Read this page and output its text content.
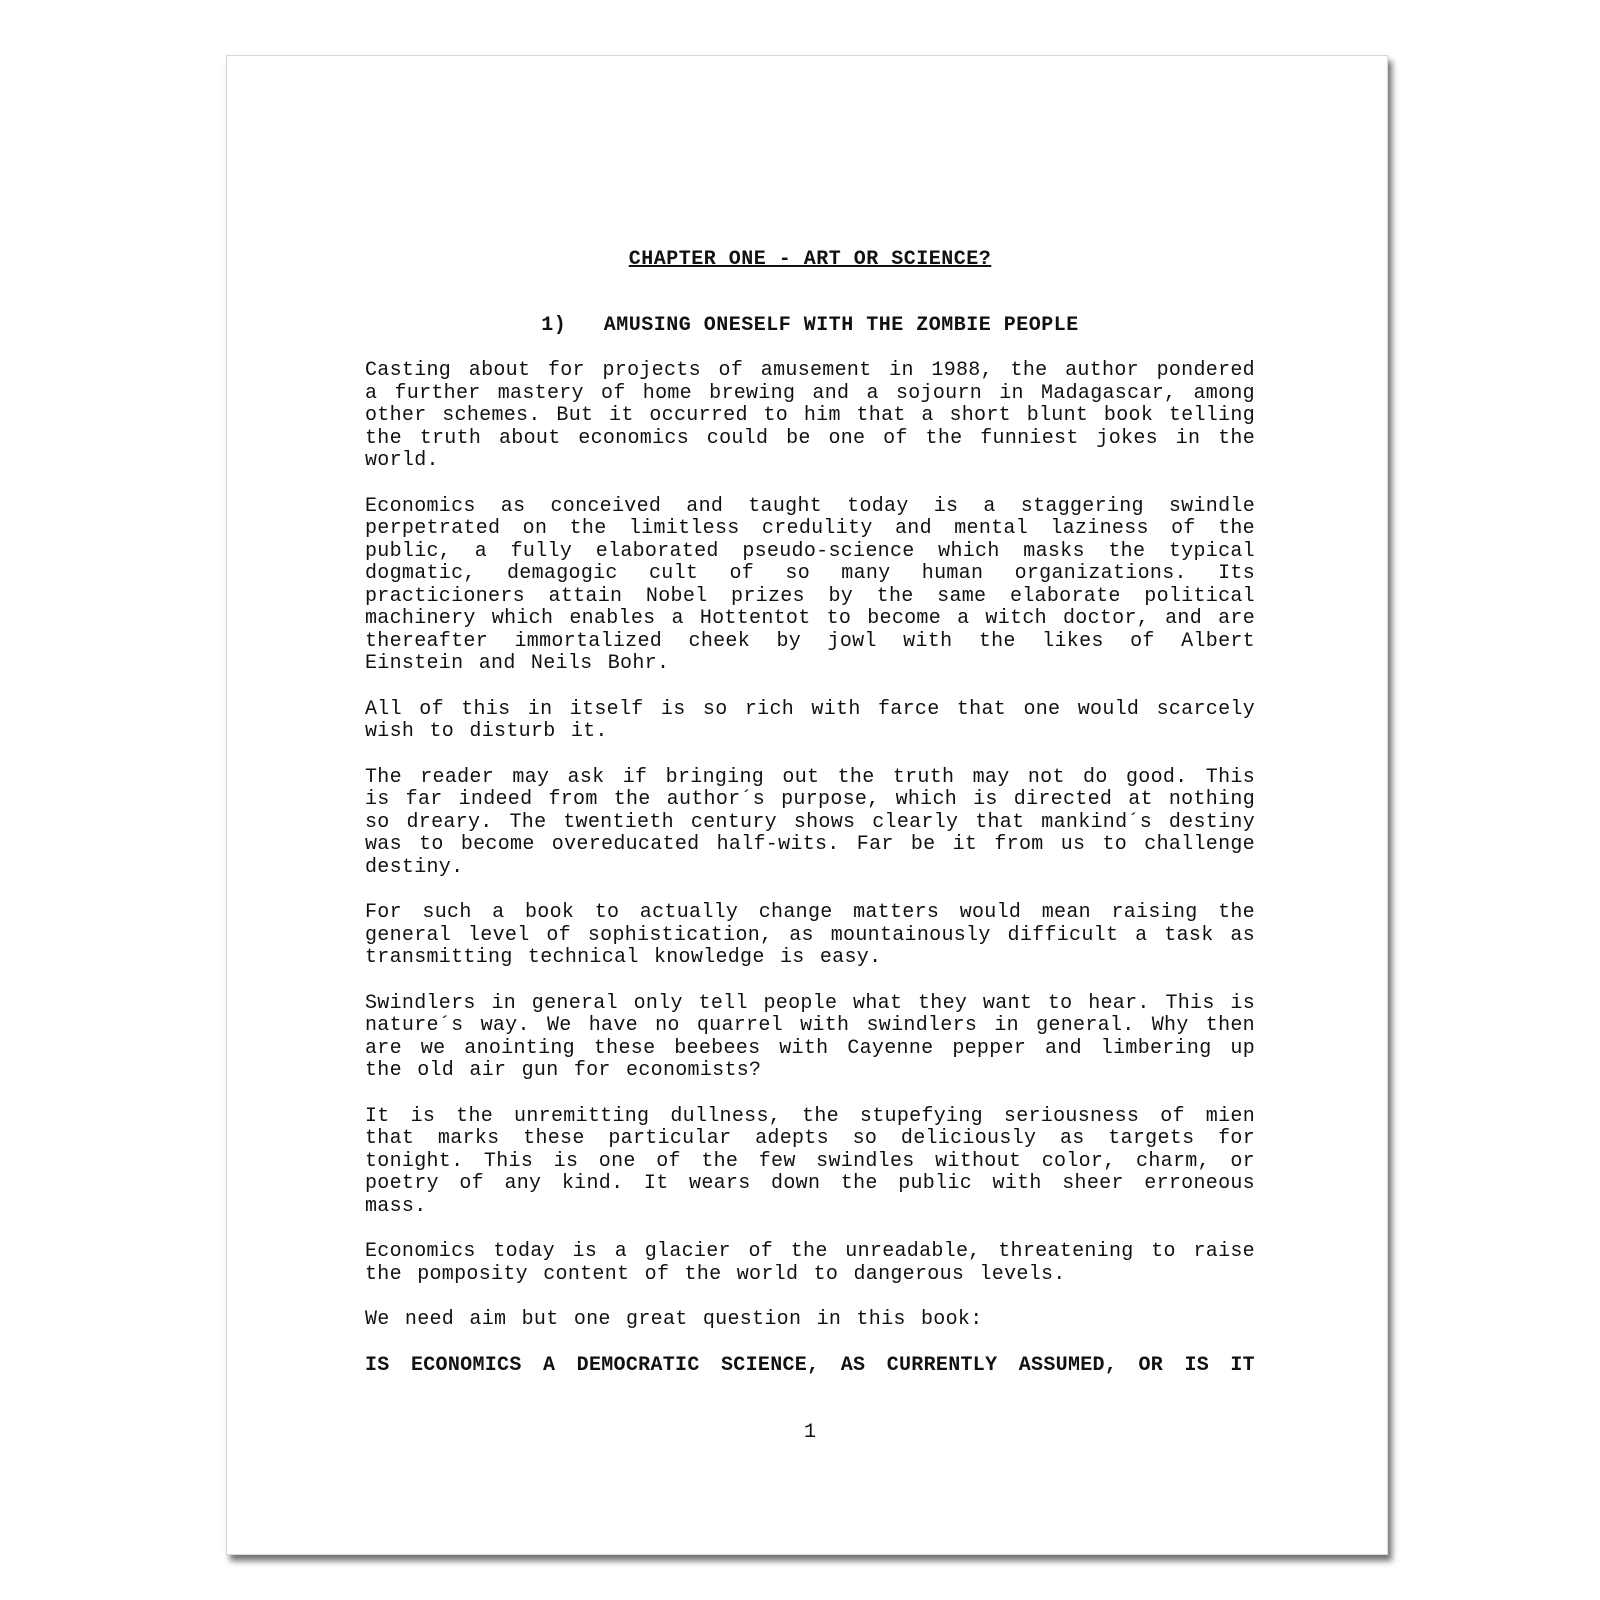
CHAPTER ONE - ART OR SCIENCE?
1)   AMUSING ONESELF WITH THE ZOMBIE PEOPLE

Casting about for projects of amusement in 1988, the author pondered a further mastery of home brewing and a sojourn in Madagascar, among other schemes. But it occurred to him that a short blunt book telling the truth about economics could be one of the funniest jokes in the world.

Economics as conceived and taught today is a staggering swindle perpetrated on the limitless credulity and mental laziness of the public, a fully elaborated pseudo-science which masks the typical dogmatic, demagogic cult of so many human organizations. Its practicioners attain Nobel prizes by the same elaborate political machinery which enables a Hottentot to become a witch doctor, and are thereafter immortalized cheek by jowl with the likes of Albert Einstein and Neils Bohr.

All of this in itself is so rich with farce that one would scarcely wish to disturb it.

The reader may ask if bringing out the truth may not do good. This is far indeed from the author´s purpose, which is directed at nothing so dreary. The twentieth century shows clearly that mankind´s destiny was to become overeducated half-wits. Far be it from us to challenge destiny.

For such a book to actually change matters would mean raising the general level of sophistication, as mountainously difficult a task as transmitting technical knowledge is easy.

Swindlers in general only tell people what they want to hear. This is nature´s way. We have no quarrel with swindlers in general. Why then are we anointing these beebees with Cayenne pepper and limbering up the old air gun for economists?

It is the unremitting dullness, the stupefying seriousness of mien that marks these particular adepts so deliciously as targets for tonight. This is one of the few swindles without color, charm, or poetry of any kind. It wears down the public with sheer erroneous mass.

Economics today is a glacier of the unreadable, threatening to raise the pomposity content of the world to dangerous levels.

We need aim but one great question in this book:

IS ECONOMICS A DEMOCRATIC SCIENCE, AS CURRENTLY ASSUMED, OR IS IT

1
